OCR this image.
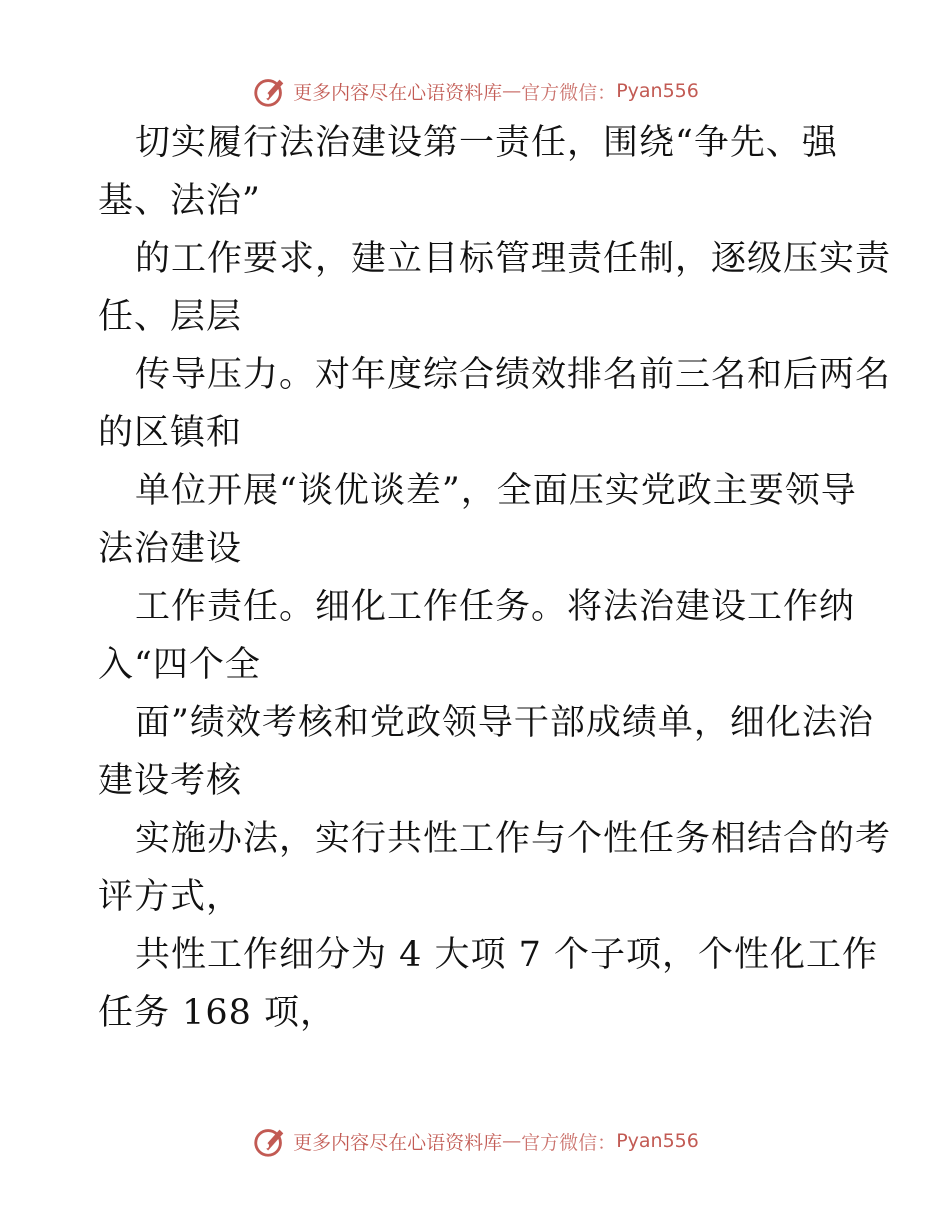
更多内容尽在心语资料库 — 官方微信： Pyan556
切实履行法治建设第一责任，围绕“争先、强
基、法治”
的工作要求，建立目标管理责任制，逐级压实责
任、层层
传导压力。对年度综合绩效排名前三名和后两名
的区镇和
单位开展“谈优谈差”，全面压实党政主要领导
法治建设
工作责任。细化工作任务。将法治建设工作纳
入“四个全
面”绩效考核和党政领导干部成绩单，细化法治
建设考核
实施办法，实行共性工作与个性任务相结合的考
评方式，
共性工作细分为 4 大项 7 个子项，个性化工作
任务 168 项，
更多内容尽在心语资料库 — 官方微信： Pyan556
